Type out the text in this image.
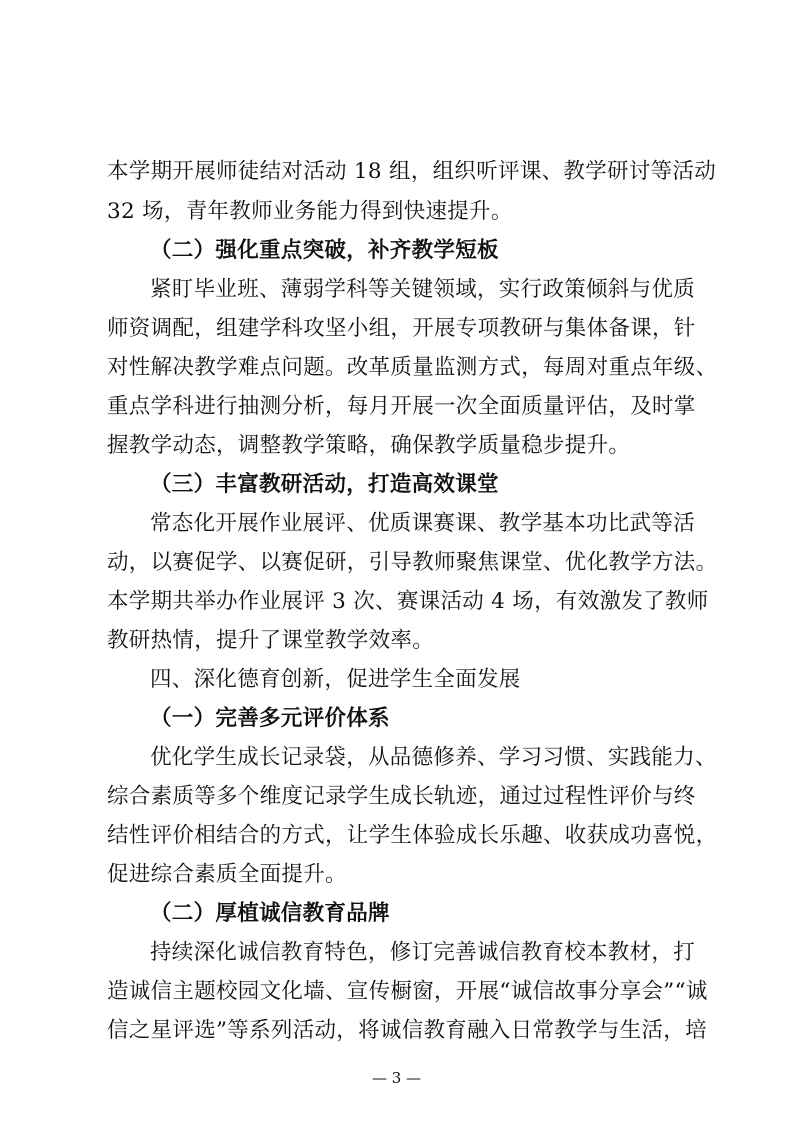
本学期开展师徒结对活动 18 组，组织听评课、教学研讨等活动
32 场，青年教师业务能力得到快速提升。
（二）强化重点突破，补齐教学短板
紧盯毕业班、薄弱学科等关键领域，实行政策倾斜与优质
师资调配，组建学科攻坚小组，开展专项教研与集体备课，针
对性解决教学难点问题。改革质量监测方式，每周对重点年级、
重点学科进行抽测分析，每月开展一次全面质量评估，及时掌
握教学动态，调整教学策略，确保教学质量稳步提升。
（三）丰富教研活动，打造高效课堂
常态化开展作业展评、优质课赛课、教学基本功比武等活
动，以赛促学、以赛促研，引导教师聚焦课堂、优化教学方法。
本学期共举办作业展评 3 次、赛课活动 4 场，有效激发了教师
教研热情，提升了课堂教学效率。
四、深化德育创新，促进学生全面发展
（一）完善多元评价体系
优化学生成长记录袋，从品德修养、学习习惯、实践能力、
综合素质等多个维度记录学生成长轨迹，通过过程性评价与终
结性评价相结合的方式，让学生体验成长乐趣、收获成功喜悦，
促进综合素质全面提升。
（二）厚植诚信教育品牌
持续深化诚信教育特色，修订完善诚信教育校本教材，打
造诚信主题校园文化墙、宣传橱窗，开展“诚信故事分享会”“诚
信之星评选”等系列活动，将诚信教育融入日常教学与生活，培
— 3 —
